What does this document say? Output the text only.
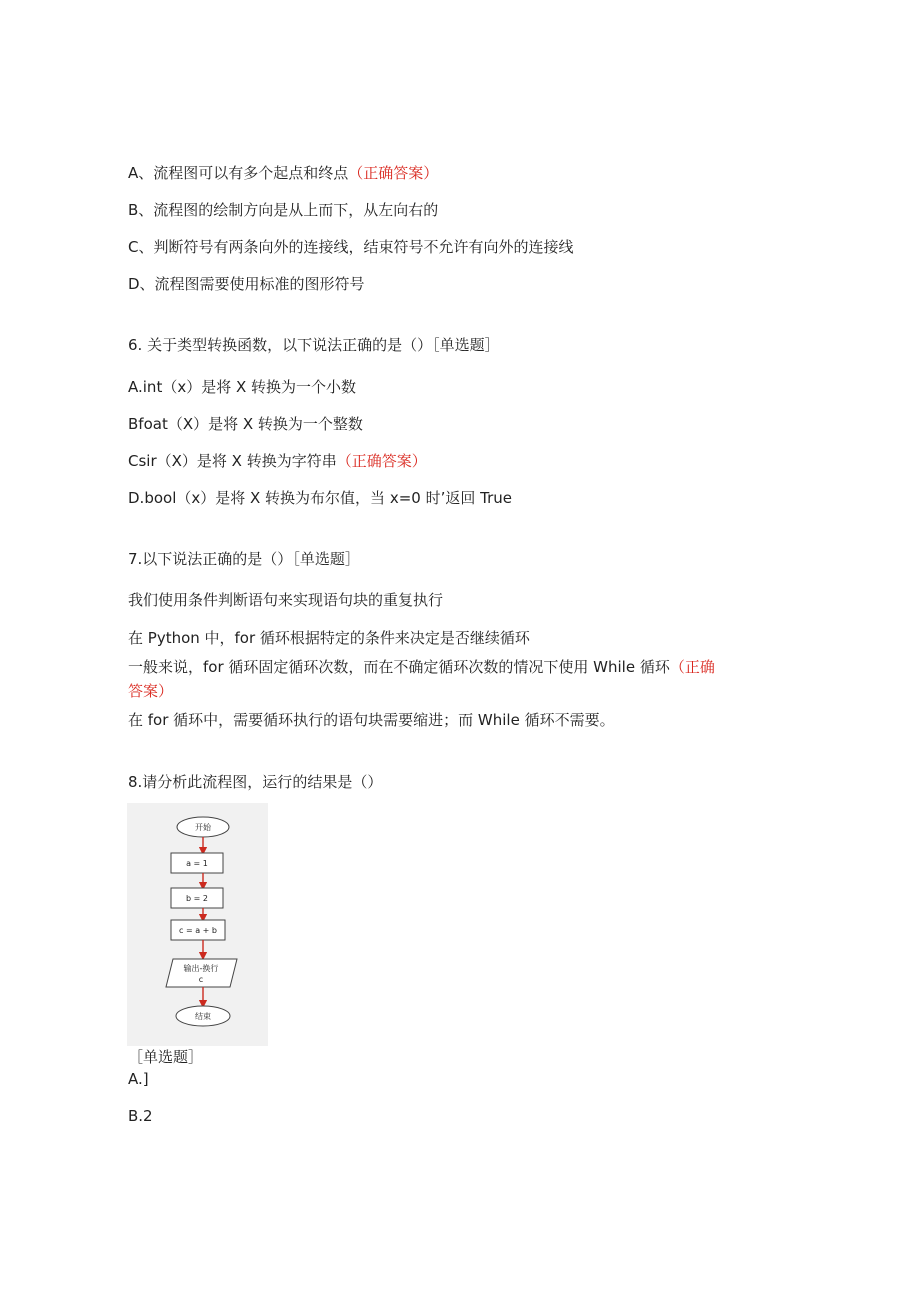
A、流程图可以有多个起点和终点（正确答案）
B、流程图的绘制方向是从上而下，从左向右的
C、判断符号有两条向外的连接线，结束符号不允许有向外的连接线
D、流程图需要使用标准的图形符号
6. 关于类型转换函数，以下说法正确的是（）［单选题］
A.int（x）是将 X 转换为一个小数
Bfoat（X）是将 X 转换为一个整数
Csir（X）是将 X 转换为字符串（正确答案）
D.bool（x）是将 X 转换为布尔值，当 x=0 时’返回 True
7.以下说法正确的是（）［单选题］
我们使用条件判断语句来实现语句块的重复执行
在 Python 中，for 循环根据特定的条件来决定是否继续循环
一般来说，for 循环固定循环次数，而在不确定循环次数的情况下使用 While 循环（正确
答案）
在 for 循环中，需要循环执行的语句块需要缩进；而 While 循环不需要。
8.请分析此流程图，运行的结果是（）
开始
a = 1
b = 2
c = a + b
输出-换行
c
结束
［单选题］
A.]
B.2
